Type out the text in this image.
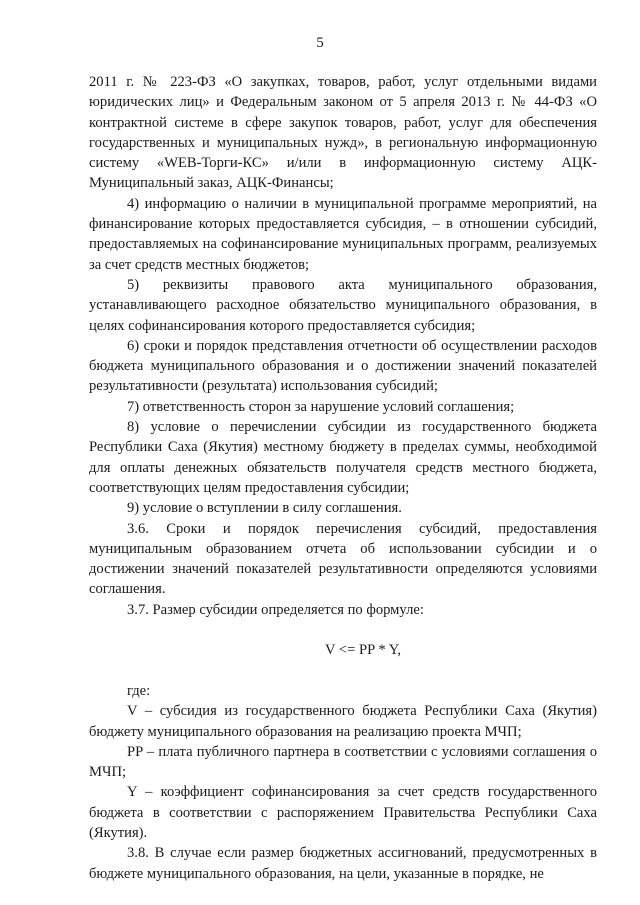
5

2011 г. № 223-ФЗ «О закупках, товаров, работ, услуг отдельными видами юридических лиц» и Федеральным законом от 5 апреля 2013 г. № 44-ФЗ «О контрактной системе в сфере закупок товаров, работ, услуг для обеспечения государственных и муниципальных нужд», в региональную информационную систему «WEB-Торги-КС» и/или в информационную систему АЦК-Муниципальный заказ, АЦК-Финансы;

4) информацию о наличии в муниципальной программе мероприятий, на финансирование которых предоставляется субсидия, – в отношении субсидий, предоставляемых на софинансирование муниципальных программ, реализуемых за счет средств местных бюджетов;

5) реквизиты правового акта муниципального образования, устанавливающего расходное обязательство муниципального образования, в целях софинансирования которого предоставляется субсидия;

6) сроки и порядок представления отчетности об осуществлении расходов бюджета муниципального образования и о достижении значений показателей результативности (результата) использования субсидий;

7) ответственность сторон за нарушение условий соглашения;

8) условие о перечислении субсидии из государственного бюджета Республики Саха (Якутия) местному бюджету в пределах суммы, необходимой для оплаты денежных обязательств получателя средств местного бюджета, соответствующих целям предоставления субсидии;

9) условие о вступлении в силу соглашения.

3.6. Сроки и порядок перечисления субсидий, предоставления муниципальным образованием отчета об использовании субсидии и о достижении значений показателей результативности определяются условиями соглашения.

3.7. Размер субсидии определяется по формуле:

V <= PP * Y,

где:

V – субсидия из государственного бюджета Республики Саха (Якутия) бюджету муниципального образования на реализацию проекта МЧП;

PP – плата публичного партнера в соответствии с условиями соглашения о МЧП;

Y – коэффициент софинансирования за счет средств государственного бюджета в соответствии с распоряжением Правительства Республики Саха (Якутия).

3.8. В случае если размер бюджетных ассигнований, предусмотренных в бюджете муниципального образования, на цели, указанные в порядке, не
